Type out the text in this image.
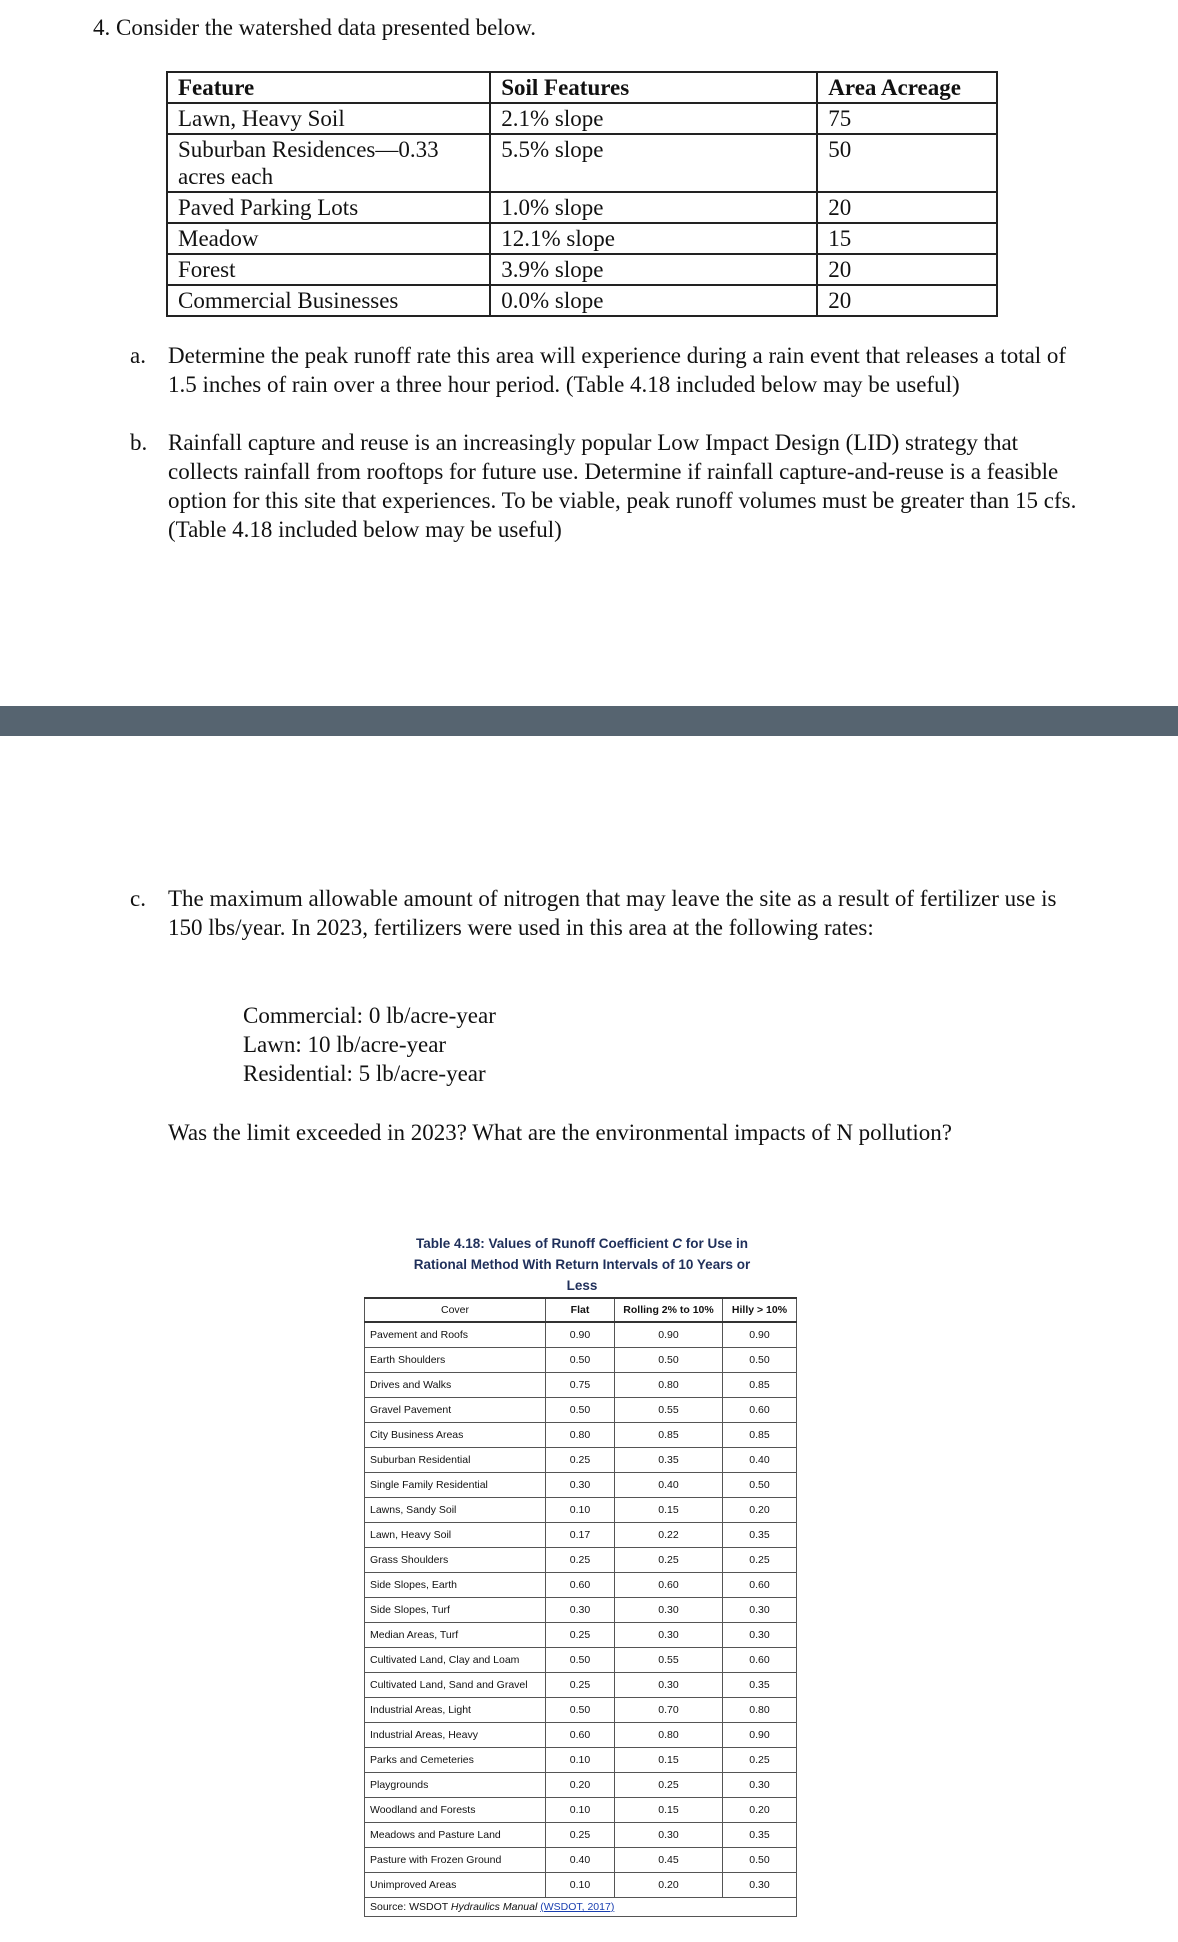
4. Consider the watershed data presented below.
Feature	Soil Features	Area Acreage
Lawn, Heavy Soil	2.1% slope	75
Suburban Residences—0.33 acres each	5.5% slope	50
Paved Parking Lots	1.0% slope	20
Meadow	12.1% slope	15
Forest	3.9% slope	20
Commercial Businesses	0.0% slope	20
a. Determine the peak runoff rate this area will experience during a rain event that releases a total of 1.5 inches of rain over a three hour period. (Table 4.18 included below may be useful)
b. Rainfall capture and reuse is an increasingly popular Low Impact Design (LID) strategy that collects rainfall from rooftops for future use. Determine if rainfall capture-and-reuse is a feasible option for this site that experiences. To be viable, peak runoff volumes must be greater than 15 cfs. (Table 4.18 included below may be useful)
c. The maximum allowable amount of nitrogen that may leave the site as a result of fertilizer use is 150 lbs/year. In 2023, fertilizers were used in this area at the following rates:
Commercial: 0 lb/acre-year
Lawn: 10 lb/acre-year
Residential: 5 lb/acre-year
Was the limit exceeded in 2023? What are the environmental impacts of N pollution?
Table 4.18: Values of Runoff Coefficient C for Use in
Rational Method With Return Intervals of 10 Years or
Less
Cover	Flat	Rolling 2% to 10%	Hilly > 10%
Pavement and Roofs	0.90	0.90	0.90
Earth Shoulders	0.50	0.50	0.50
Drives and Walks	0.75	0.80	0.85
Gravel Pavement	0.50	0.55	0.60
City Business Areas	0.80	0.85	0.85
Suburban Residential	0.25	0.35	0.40
Single Family Residential	0.30	0.40	0.50
Lawns, Sandy Soil	0.10	0.15	0.20
Lawn, Heavy Soil	0.17	0.22	0.35
Grass Shoulders	0.25	0.25	0.25
Side Slopes, Earth	0.60	0.60	0.60
Side Slopes, Turf	0.30	0.30	0.30
Median Areas, Turf	0.25	0.30	0.30
Cultivated Land, Clay and Loam	0.50	0.55	0.60
Cultivated Land, Sand and Gravel	0.25	0.30	0.35
Industrial Areas, Light	0.50	0.70	0.80
Industrial Areas, Heavy	0.60	0.80	0.90
Parks and Cemeteries	0.10	0.15	0.25
Playgrounds	0.20	0.25	0.30
Woodland and Forests	0.10	0.15	0.20
Meadows and Pasture Land	0.25	0.30	0.35
Pasture with Frozen Ground	0.40	0.45	0.50
Unimproved Areas	0.10	0.20	0.30
Source: WSDOT Hydraulics Manual (WSDOT, 2017)			
